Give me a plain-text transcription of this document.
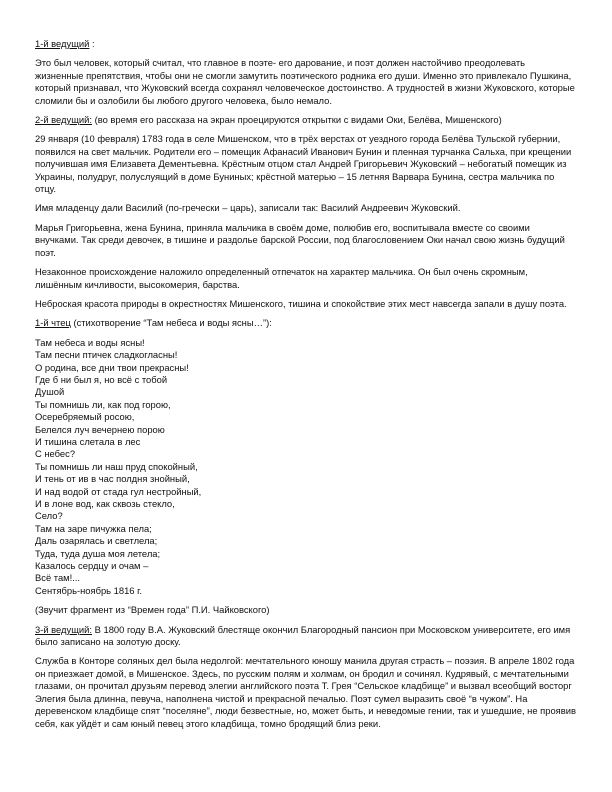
1-й ведущий :

Это был человек, который считал, что главное в поэте- его дарование, и поэт должен настойчиво преодолевать жизненные препятствия, чтобы они не смогли замутить поэтического родника его души. Именно это привлекало Пушкина, который признавал, что Жуковский всегда сохранял человеческое достоинство. А трудностей в жизни Жуковского, которые сломили бы и озлобили бы любого другого человека, было немало.

2-й ведущий: (во время его рассказа на экран проецируются открытки с видами Оки, Белёва, Мишенского)

29 января (10 февраля) 1783 года в селе Мишенском, что в трёх верстах от уездного города Белёва Тульской губернии, появился на свет мальчик. Родители его – помещик Афанасий Иванович Бунин и пленная турчанка Сальха, при крещении получившая имя Елизавета Дементьевна. Крёстным отцом стал Андрей Григорьевич Жуковский – небогатый помещик из Украины, полудруг, полуслуящий в доме Буниных; крёстной матерью – 15 летняя Варвара Бунина, сестра мальчика по отцу.

Имя младенцу дали Василий (по-гречески – царь), записали так: Василий Андреевич Жуковский.

Марья Григорьевна, жена Бунина, приняла мальчика в своём доме, полюбив его, воспитывала вместе со своими внучками. Так среди девочек, в тишине и раздолье барской России, под благословением Оки начал свою жизнь будущий поэт.

Незаконное происхождение наложило определенный отпечаток на характер мальчика. Он был очень скромным, лишённым кичливости, высокомерия, барства.

Неброская красота природы в окрестностях Мишенского, тишина и спокойствие этих мест навсегда запали в душу поэта.

1-й чтец (стихотворение “Там небеса и воды ясны…”):

Там небеса и воды ясны!
Там песни птичек сладкогласны!
О родина, все дни твои прекрасны!
Где б ни был я, но всё с тобой
Душой
Ты помнишь ли, как под горою,
Осеребряемый росою,
Белелся луч вечернею порою
И тишина слетала в лес
С небес?
Ты помнишь ли наш пруд спокойный,
И тень от ив в час полдня знойный,
И над водой от стада гул нестройный,
И в лоне вод, как сквозь стекло,
Село?
Там на заре пичужка пела;
Даль озарялась и светлела;
Туда, туда душа моя летела;
Казалось сердцу и очам –
Всё там!...
Сентябрь-ноябрь 1816 г.

(Звучит фрагмент из “Времен года” П.И. Чайковского)

3-й ведущий: В 1800 году В.А. Жуковский блестяще окончил Благородный пансион при Московском университете, его имя было записано на золотую доску.

Служба в Конторе соляных дел была недолгой: мечтательного юношу манила другая страсть – поэзия. В апреле 1802 года он приезжает домой, в Мишенское. Здесь, по русским полям и холмам, он бродил и сочинял. Кудрявый, с мечтательными глазами, он прочитал друзьям перевод элегии английского поэта Т. Грея “Сельское кладбище” и вызвал всеобщий восторг Элегия была длинна, певуча, наполнена чистой и прекрасной печалью. Поэт сумел выразить своё “в чужом”. На деревенском кладбище спят “поселяне”, люди безвестные, но, может быть, и неведомые гении, так и ушедшие, не проявив себя, как уйдёт и сам юный певец этого кладбища, томно бродящий близ реки.
